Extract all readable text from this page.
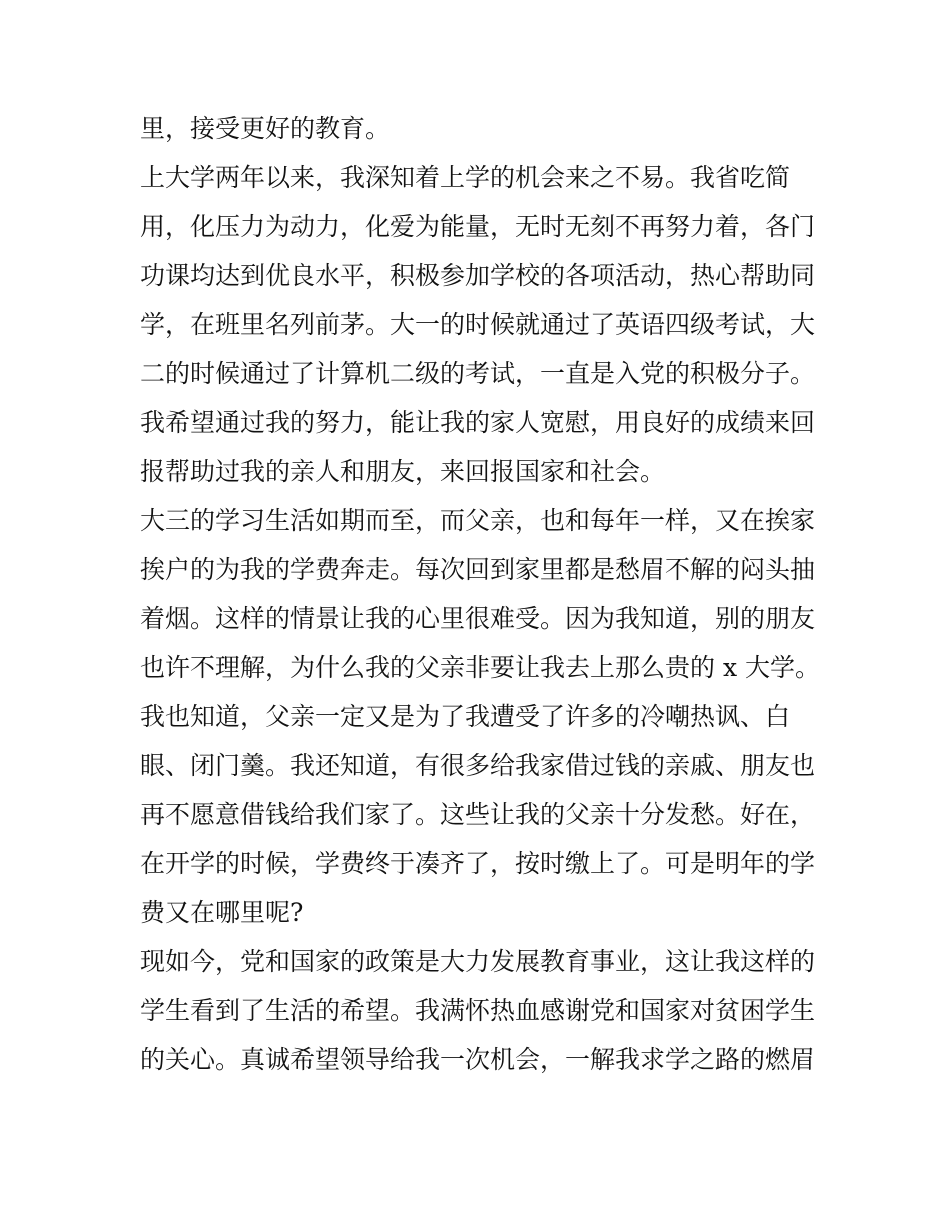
里，接受更好的教育。
上大学两年以来，我深知着上学的机会来之不易。我省吃简
用，化压力为动力，化爱为能量，无时无刻不再努力着，各门
功课均达到优良水平，积极参加学校的各项活动，热心帮助同
学，在班里名列前茅。大一的时候就通过了英语四级考试，大
二的时候通过了计算机二级的考试，一直是入党的积极分子。
我希望通过我的努力，能让我的家人宽慰，用良好的成绩来回
报帮助过我的亲人和朋友，来回报国家和社会。
大三的学习生活如期而至，而父亲，也和每年一样，又在挨家
挨户的为我的学费奔走。每次回到家里都是愁眉不解的闷头抽
着烟。这样的情景让我的心里很难受。因为我知道，别的朋友
也许不理解，为什么我的父亲非要让我去上那么贵的 x 大学。
我也知道，父亲一定又是为了我遭受了许多的冷嘲热讽、白
眼、闭门羹。我还知道，有很多给我家借过钱的亲戚、朋友也
再不愿意借钱给我们家了。这些让我的父亲十分发愁。好在，
在开学的时候，学费终于凑齐了，按时缴上了。可是明年的学
费又在哪里呢?
现如今，党和国家的政策是大力发展教育事业，这让我这样的
学生看到了生活的希望。我满怀热血感谢党和国家对贫困学生
的关心。真诚希望领导给我一次机会，一解我求学之路的燃眉
